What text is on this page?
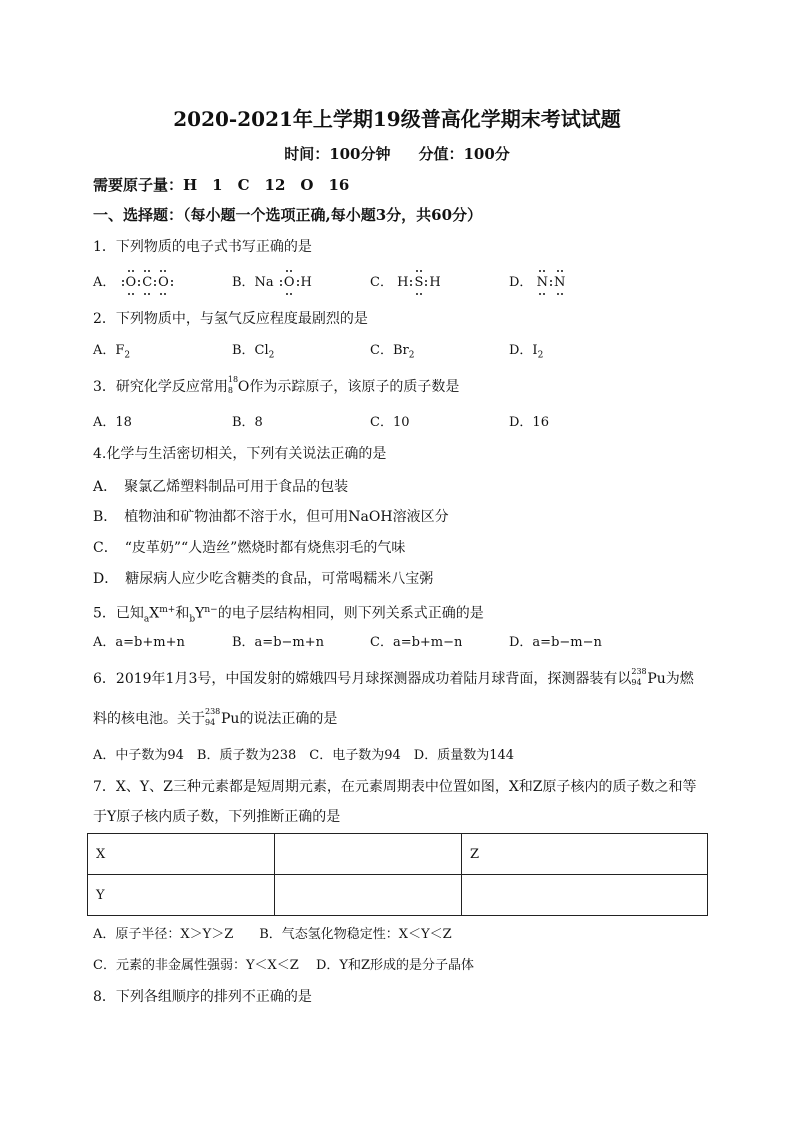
2020-2021年上学期19级普高化学期末考试试题
时间：100分钟 分值：100分
需要原子量：H　1　C　12　O　16
一、选择题：（每小题一个选项正确,每小题3分，共60分）
1．下列物质的电子式书写正确的是
A． O C O	B．Na O H	C． H S H	D． N N
2．下列物质中，与氢气反应程度最剧烈的是
A．$F_2$	B．$Cl_2$	C．$Br_2$	D．$I_2$
3．研究化学反应常用 18
8 O作为示踪原子，该原子的质子数是
A．18	B．8	C．10	D．16
4.化学与生活密切相关，下列有关说法正确的是
A．　聚氯乙烯塑料制品可用于食品的包装
B．　植物油和矿物油都不溶于水，但可用NaOH溶液区分
C．　“皮革奶”“人造丝”燃烧时都有烧焦羽毛的气味
D．　糖尿病人应少吃含糖类的食品，可常喝糯米八宝粥
5．已知$_aX^{m+}$和$_bY^{n-}$的电子层结构相同，则下列关系式正确的是
A．a=b+m+n	B．a=b−m+n	C．a=b+m−n	D．a=b−m−n
6．2019年1月3号，中国发射的嫦娥四号月球探测器成功着陆月球背面，探测器装有以 238
94 Pu为燃
料的核电池。关于 238
94 Pu的说法正确的是
A．中子数为94　B．质子数为238　C．电子数为94　D．质量数为144
7．X、Y、Z三种元素都是短周期元素，在元素周期表中位置如图，X和Z原子核内的质子数之和等
于Y原子核内质子数，下列推断正确的是
X		Z
Y		
A．原子半径：X＞Y＞Z　　B．气态氢化物稳定性：X＜Y＜Z
C．元素的非金属性强弱：Y＜X＜Z　 D．Y和Z形成的是分子晶体
8．下列各组顺序的排列不正确的是
